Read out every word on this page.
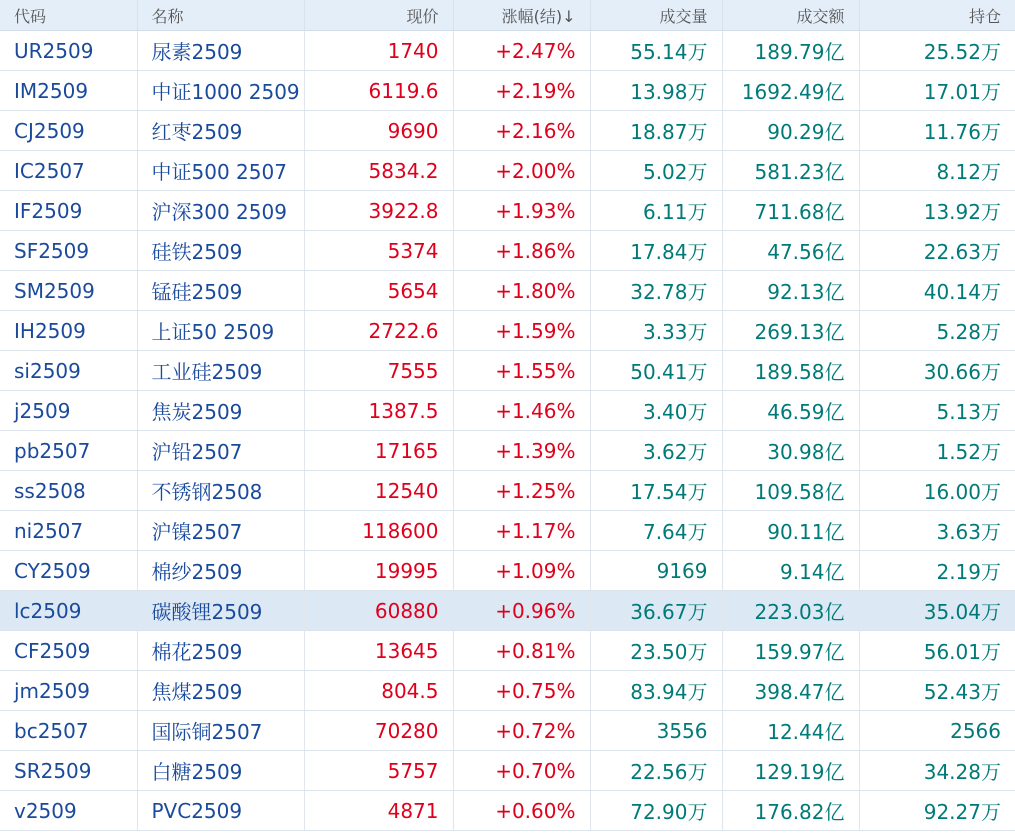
代码	名称	现价	涨幅(结)↓	成交量	成交额	持仓
UR2509	尿素2509	1740	+2.47%	55.14万	189.79亿	25.52万
IM2509	中证1000 2509	6119.6	+2.19%	13.98万	1692.49亿	17.01万
CJ2509	红枣2509	9690	+2.16%	18.87万	90.29亿	11.76万
IC2507	中证500 2507	5834.2	+2.00%	5.02万	581.23亿	8.12万
IF2509	沪深300 2509	3922.8	+1.93%	6.11万	711.68亿	13.92万
SF2509	硅铁2509	5374	+1.86%	17.84万	47.56亿	22.63万
SM2509	锰硅2509	5654	+1.80%	32.78万	92.13亿	40.14万
IH2509	上证50 2509	2722.6	+1.59%	3.33万	269.13亿	5.28万
si2509	工业硅2509	7555	+1.55%	50.41万	189.58亿	30.66万
j2509	焦炭2509	1387.5	+1.46%	3.40万	46.59亿	5.13万
pb2507	沪铅2507	17165	+1.39%	3.62万	30.98亿	1.52万
ss2508	不锈钢2508	12540	+1.25%	17.54万	109.58亿	16.00万
ni2507	沪镍2507	118600	+1.17%	7.64万	90.11亿	3.63万
CY2509	棉纱2509	19995	+1.09%	9169	9.14亿	2.19万
lc2509	碳酸锂2509	60880	+0.96%	36.67万	223.03亿	35.04万
CF2509	棉花2509	13645	+0.81%	23.50万	159.97亿	56.01万
jm2509	焦煤2509	804.5	+0.75%	83.94万	398.47亿	52.43万
bc2507	国际铜2507	70280	+0.72%	3556	12.44亿	2566
SR2509	白糖2509	5757	+0.70%	22.56万	129.19亿	34.28万
v2509	PVC2509	4871	+0.60%	72.90万	176.82亿	92.27万
